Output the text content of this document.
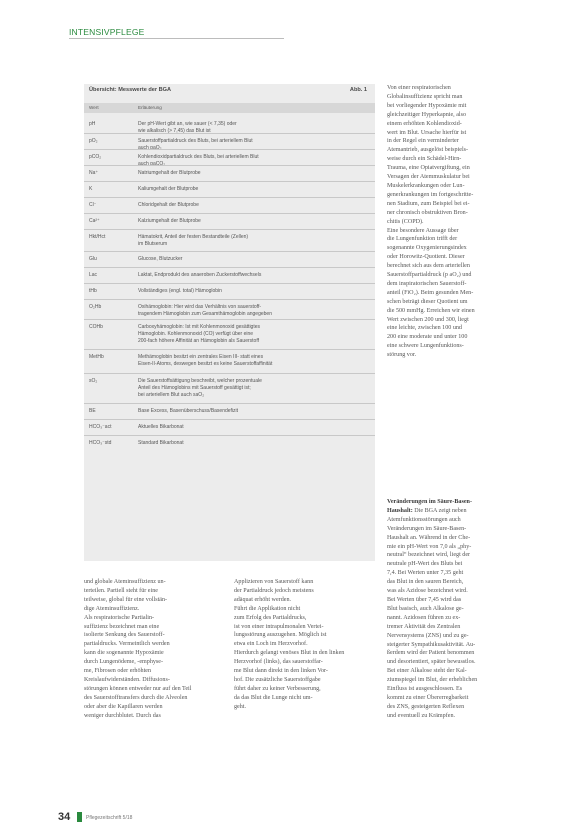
INTENSIVPFLEGE
Übersicht: Messwerte der BGA	Abb. 1
Wert	Erläuterung
pH	Der pH-Wert gibt an, wie sauer (< 7,35) oder
wie alkalisch (> 7,45) das Blut ist
pO₂	Sauerstoffpartialdruck des Bluts, bei arteriellem Blut
auch paO₂
pCO₂	Kohlendioxidpartialdruck des Bluts, bei arteriellem Blut
auch paCO₂
Na⁺	Natriumgehalt der Blutprobe
K	Kaliumgehalt der Blutprobe
Cl⁻	Chloridgehalt der Blutprobe
Ca²⁺	Kalziumgehalt der Blutprobe
Hkt/Hct	Hämatokrit, Anteil der festen Bestandteile (Zellen)
im Blutserum
Glu	Glucose, Blutzucker
Lac	Laktat, Endprodukt des anaeroben Zuckerstoffwechsels
tHb	Vollständiges (engl. total) Hämoglobin
O₂Hb	Oxihämoglobin: Hier wird das Verhältnis von sauerstoff-
tragendem Hämoglobin zum Gesamthämoglobin angegeben
COHb	Carboxyhämoglobin: Ist mit Kohlenmonoxid gesättigtes
Hämoglobin. Kohlenmonoxid (CO) verfügt über eine
200-fach höhere Affinität an Hämoglobin als Sauerstoff
MetHb	Methämoglobin besitzt ein zentrales Eisen III- statt eines
Eisen-II-Atoms, deswegen besitzt es keine Sauerstoffaffinität
sO₂	Die Sauerstoffsättigung beschreibt, welcher prozentuale
Anteil des Hämoglobins mit Sauerstoff gesättigt ist;
bei arteriellem Blut auch saO₂
BE	Base Excess, Basenüberschuss/Basendefizit
HCO₃⁻act	Aktuelles Bikarbonat
HCO₃⁻std	Standard Bikarbonat
Von einer respiratorischen
Globalinsuffizienz spricht man
bei vorliegender Hypoxämie mit
gleichzeitiger Hyperkapnie, also
einem erhöhten Kohlendioxid-
wert im Blut. Ursache hierfür ist
in der Regel ein verminderter
Atemantrieb, ausgelöst beispiels-
weise durch ein Schädel-Hirn-
Trauma, eine Opiatvergiftung, ein
Versagen der Atemmuskulatur bei
Muskelerkrankungen oder Lun-
generkrankungen im fortgeschritte-
nen Stadium, zum Beispiel bei ei-
ner chronisch obstruktiven Bron-
chitis (COPD).
Eine besondere Aussage über
die Lungenfunktion trifft der
sogenannte Oxygenierungsindex
oder Horowitz-Quotient. Dieser
berechnet sich aus dem arteriellen
Sauerstoffpartialdruck (p aO₂) und
dem inspiratorischen Sauerstoff-
anteil (FiO₂). Beim gesunden Men-
schen beträgt dieser Quotient um
die 500 mmHg. Erreichen wir einen
Wert zwischen 200 und 300, liegt
eine leichte, zwischen 100 und
200 eine moderate und unter 100
eine schwere Lungenfunktions-
störung vor.
Veränderungen im Säure-Basen-
Haushalt: Die BGA zeigt neben
Atemfunktionsstörungen auch
Veränderungen im Säure-Basen-
Haushalt an. Während in der Che-
mie ein pH-Wert von 7,0 als „phy-
neutral“ bezeichnet wird, liegt der
neutrale pH-Wert des Bluts bei
7,4. Bei Werten unter 7,35 geht
das Blut in den sauren Bereich,
was als Azidose bezeichnet wird.
Bei Werten über 7,45 wird das
Blut basisch, auch Alkalose ge-
nannt. Azidosen führen zu ex-
tremer Aktivität des Zentralen
Nervensystems (ZNS) und zu ge-
steigerter Sympathikusaktivität. Au-
ßerdem wird der Patient benommen
und desorientiert, später bewusstlos.
Bei einer Alkalose steht der Kal-
ziumspiegel im Blut, der erheblichen
Einfluss ist ausgeschlossen. Es
kommt zu einer Übererregbarkeit
des ZNS, gesteigerten Reflexen
und eventuell zu Krämpfen.
und globale Ateminsuffizienz un-
terteilen. Partiell steht für eine
teilweise, global für eine vollstän-
dige Ateminsuffizienz.
Als respiratorische Partialin-
suffizienz bezeichnet man eine
isolierte Senkung des Sauerstoff-
partialdrucks. Vermeintlich werden
kann die sogenannte Hypoxämie
durch Lungenödeme, -emphyse-
me, Fibrosen oder erhöhten
Kreislaufwiderständen. Diffusions-
störungen können entweder nur auf den Teil
des Sauerstofftransfers durch die Alveolen
oder aber die Kapillaren werden
weniger durchblutet. Durch das
Applizieren von Sauerstoff kann
der Partialdruck jedoch meistens
adäquat erhöht werden.
Führt die Applikation nicht
zum Erfolg des Partialdrucks,
ist von einer intrapulmonalen Vertei-
lungsstörung auszugehen. Möglich ist
etwa ein Loch im Herzvorhof.
Hierdurch gelangt venöses Blut in den linken
Herzvorhof (links), das sauerstoffar-
me Blut dann direkt in den linken Vor-
hof. Die zusätzliche Sauerstoffgabe
führt daher zu keiner Verbesserung,
da das Blut die Lunge nicht um-
geht.
34	Pflegezeitschrift 5/18
